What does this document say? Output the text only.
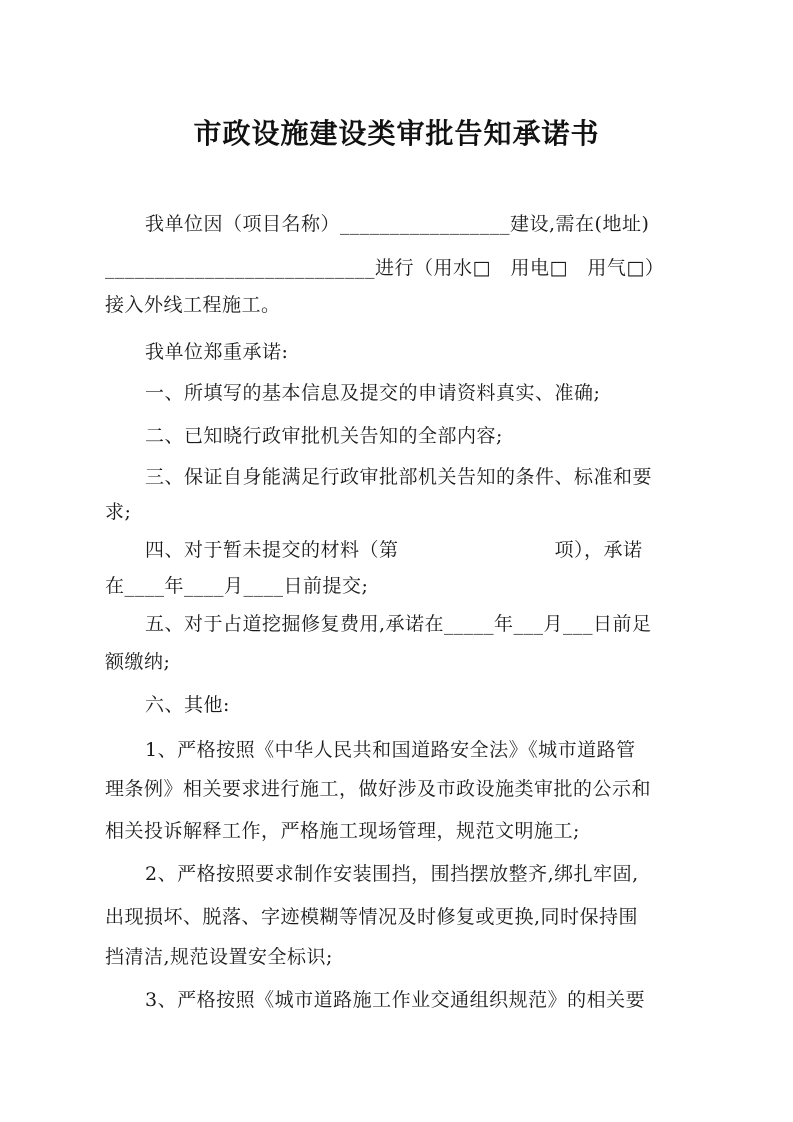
市政设施建设类审批告知承诺书
我单位因（项目名称）_________________建设,需在(地址)
___________________________进行（用水□　用电□　用气□）
接入外线工程施工。
我单位郑重承诺:
一、所填写的基本信息及提交的申请资料真实、准确;
二、已知晓行政审批机关告知的全部内容;
三、保证自身能满足行政审批部机关告知的条件、标准和要
求;
四、对于暂未提交的材料（第　　　　　　　　项），承诺
在____年____月____日前提交;
五、对于占道挖掘修复费用,承诺在_____年___月___日前足
额缴纳;
六、其他:
1、严格按照《中华人民共和国道路安全法》《城市道路管
理条例》相关要求进行施工，做好涉及市政设施类审批的公示和
相关投诉解释工作，严格施工现场管理，规范文明施工;
2、严格按照要求制作安装围挡，围挡摆放整齐,绑扎牢固,
出现损坏、脱落、字迹模糊等情况及时修复或更换,同时保持围
挡清洁,规范设置安全标识;
3、严格按照《城市道路施工作业交通组织规范》的相关要
